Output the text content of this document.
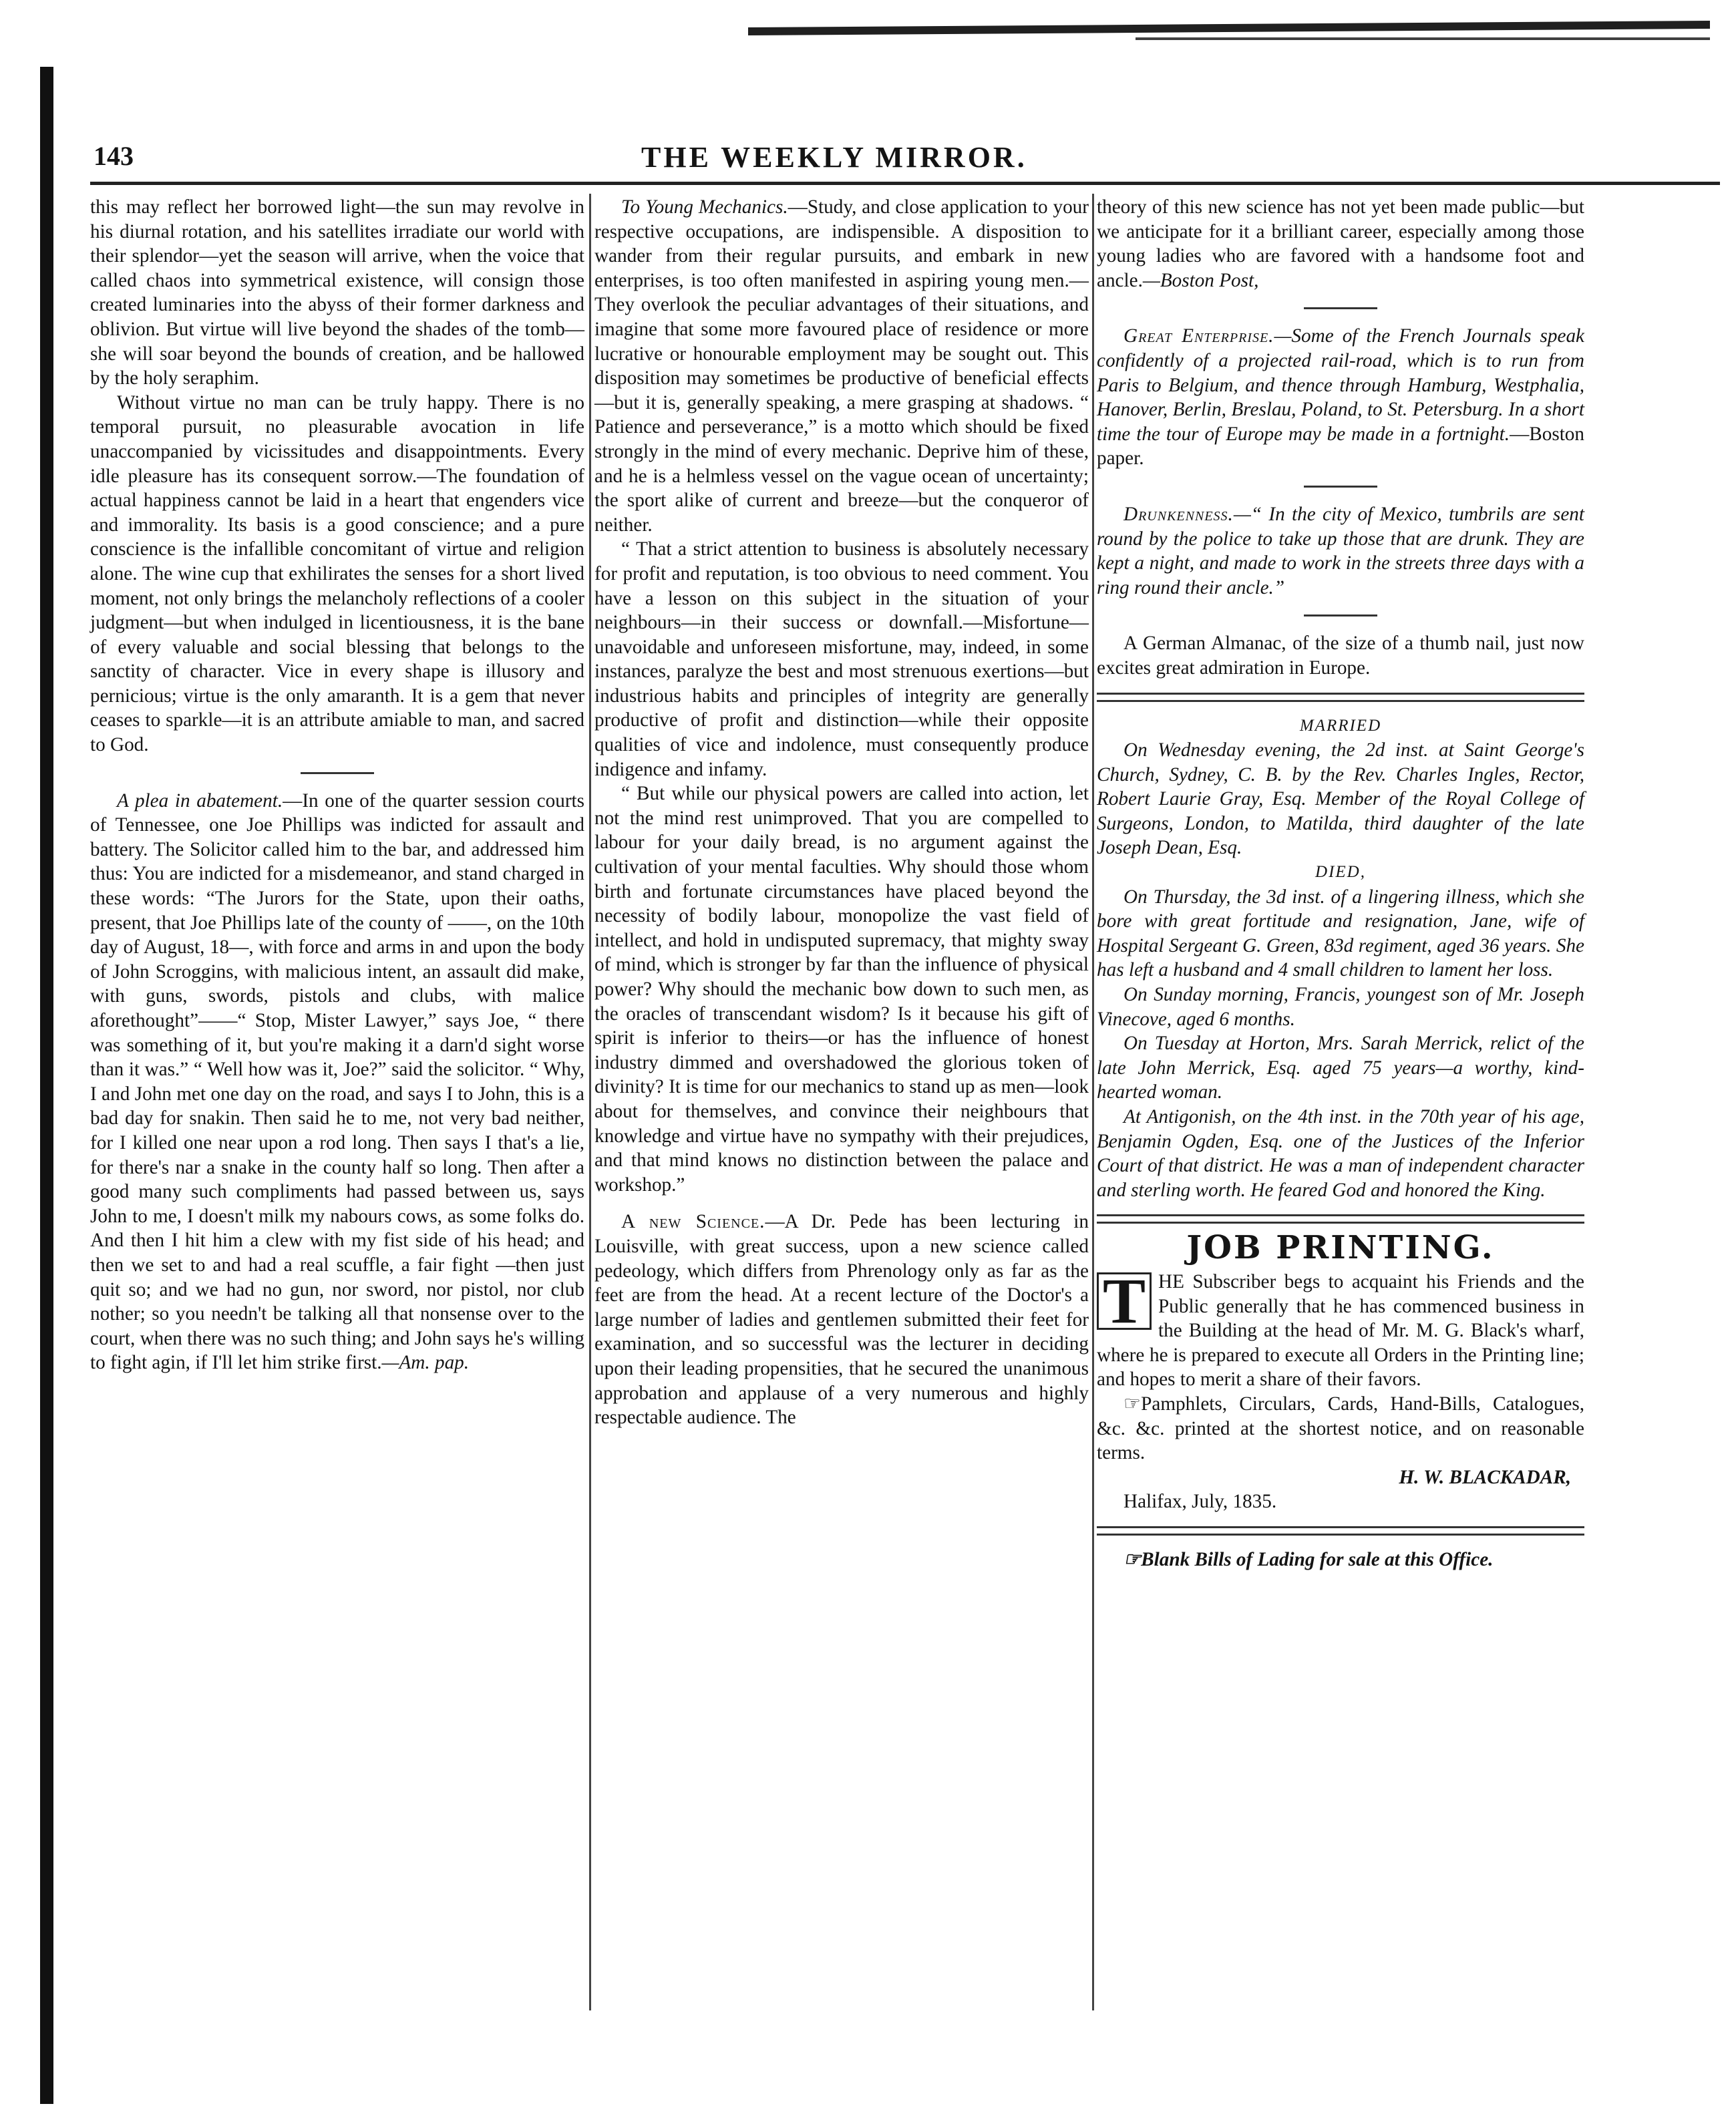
143	THE WEEKLY MIRROR.

this may reflect her borrowed light—the sun may revolve in his diurnal rotation, and his satellites irradiate our world with their splendor—yet the season will arrive, when the voice that called chaos into symmetrical existence, will consign those created luminaries into the abyss of their former darkness and oblivion. But virtue will live beyond the shades of the tomb—she will soar beyond the bounds of creation, and be hallowed by the holy seraphim.

Without virtue no man can be truly happy. There is no temporal pursuit, no pleasurable avocation in life unaccompanied by vicissitudes and disappointments. Every idle pleasure has its consequent sorrow.—The foundation of actual happiness cannot be laid in a heart that engenders vice and immorality. Its basis is a good conscience; and a pure conscience is the infallible concomitant of virtue and religion alone. The wine cup that exhilirates the senses for a short lived moment, not only brings the melancholy reflections of a cooler judgment—but when indulged in licentiousness, it is the bane of every valuable and social blessing that belongs to the sanctity of character. Vice in every shape is illusory and pernicious; virtue is the only amaranth. It is a gem that never ceases to sparkle—it is an attribute amiable to man, and sacred to God.

A plea in abatement.—In one of the quarter session courts of Tennessee, one Joe Phillips was indicted for assault and battery. The Solicitor called him to the bar, and addressed him thus: You are indicted for a misdemeanor, and stand charged in these words: “The Jurors for the State, upon their oaths, present, that Joe Phillips late of the county of ——, on the 10th day of August, 18—, with force and arms in and upon the body of John Scroggins, with malicious intent, an assault did make, with guns, swords, pistols and clubs, with malice aforethought”——“ Stop, Mister Lawyer,” says Joe, “ there was something of it, but you're making it a darn'd sight worse than it was.” “ Well how was it, Joe?” said the solicitor. “ Why, I and John met one day on the road, and says I to John, this is a bad day for snakin. Then said he to me, not very bad neither, for I killed one near upon a rod long. Then says I that's a lie, for there's nar a snake in the county half so long. Then after a good many such compliments had passed between us, says John to me, I doesn't milk my nabours cows, as some folks do. And then I hit him a clew with my fist side of his head; and then we set to and had a real scuffle, a fair fight —then just quit so; and we had no gun, nor sword, nor pistol, nor club nother; so you needn't be talking all that nonsense over to the court, when there was no such thing; and John says he's willing to fight agin, if I'll let him strike first.—Am. pap.

To Young Mechanics.—Study, and close application to your respective occupations, are indispensible. A disposition to wander from their regular pursuits, and embark in new enterprises, is too often manifested in aspiring young men.—They overlook the peculiar advantages of their situations, and imagine that some more favoured place of residence or more lucrative or honourable employment may be sought out. This disposition may sometimes be productive of beneficial effects—but it is, generally speaking, a mere grasping at shadows. “ Patience and perseverance,” is a motto which should be fixed strongly in the mind of every mechanic. Deprive him of these, and he is a helmless vessel on the vague ocean of uncertainty; the sport alike of current and breeze—but the conqueror of neither.

“ That a strict attention to business is absolutely necessary for profit and reputation, is too obvious to need comment. You have a lesson on this subject in the situation of your neighbours—in their success or downfall.—Misfortune—unavoidable and unforeseen misfortune, may, indeed, in some instances, paralyze the best and most strenuous exertions—but industrious habits and principles of integrity are generally productive of profit and distinction—while their opposite qualities of vice and indolence, must consequently produce indigence and infamy.

“ But while our physical powers are called into action, let not the mind rest unimproved. That you are compelled to labour for your daily bread, is no argument against the cultivation of your mental faculties. Why should those whom birth and fortunate circumstances have placed beyond the necessity of bodily labour, monopolize the vast field of intellect, and hold in undisputed supremacy, that mighty sway of mind, which is stronger by far than the influence of physical power? Why should the mechanic bow down to such men, as the oracles of transcendant wisdom? Is it because his gift of spirit is inferior to theirs—or has the influence of honest industry dimmed and overshadowed the glorious token of divinity? It is time for our mechanics to stand up as men—look about for themselves, and convince their neighbours that knowledge and virtue have no sympathy with their prejudices, and that mind knows no distinction between the palace and workshop.”

A new Science.—A Dr. Pede has been lecturing in Louisville, with great success, upon a new science called pedeology, which differs from Phrenology only as far as the feet are from the head. At a recent lecture of the Doctor's a large number of ladies and gentlemen submitted their feet for examination, and so successful was the lecturer in deciding upon their leading propensities, that he secured the unanimous approbation and applause of a very numerous and highly respectable audience. The

theory of this new science has not yet been made public—but we anticipate for it a brilliant career, especially among those young ladies who are favored with a handsome foot and ancle.—Boston Post,

Great Enterprise.—Some of the French Journals speak confidently of a projected rail-road, which is to run from Paris to Belgium, and thence through Hamburg, Westphalia, Hanover, Berlin, Breslau, Poland, to St. Petersburg. In a short time the tour of Europe may be made in a fortnight.—Boston paper.

Drunkenness.—“ In the city of Mexico, tumbrils are sent round by the police to take up those that are drunk. They are kept a night, and made to work in the streets three days with a ring round their ancle.”

A German Almanac, of the size of a thumb nail, just now excites great admiration in Europe.

MARRIED

On Wednesday evening, the 2d inst. at Saint George's Church, Sydney, C. B. by the Rev. Charles Ingles, Rector, Robert Laurie Gray, Esq. Member of the Royal College of Surgeons, London, to Matilda, third daughter of the late Joseph Dean, Esq.

DIED,

On Thursday, the 3d inst. of a lingering illness, which she bore with great fortitude and resignation, Jane, wife of Hospital Sergeant G. Green, 83d regiment, aged 36 years. She has left a husband and 4 small children to lament her loss.

On Sunday morning, Francis, youngest son of Mr. Joseph Vinecove, aged 6 months.

On Tuesday at Horton, Mrs. Sarah Merrick, relict of the late John Merrick, Esq. aged 75 years—a worthy, kind-hearted woman.

At Antigonish, on the 4th inst. in the 70th year of his age, Benjamin Ogden, Esq. one of the Justices of the Inferior Court of that district. He was a man of independent character and sterling worth. He feared God and honored the King.

JOB PRINTING.

T HE Subscriber begs to acquaint his Friends and the Public generally that he has commenced business in the Building at the head of Mr. M. G. Black's wharf, where he is prepared to execute all Orders in the Printing line; and hopes to merit a share of their favors.

☞Pamphlets, Circulars, Cards, Hand-Bills, Catalogues, &c. &c. printed at the shortest notice, and on reasonable terms.

H. W. BLACKADAR,

Halifax, July, 1835.

☞Blank Bills of Lading for sale at this Office.
